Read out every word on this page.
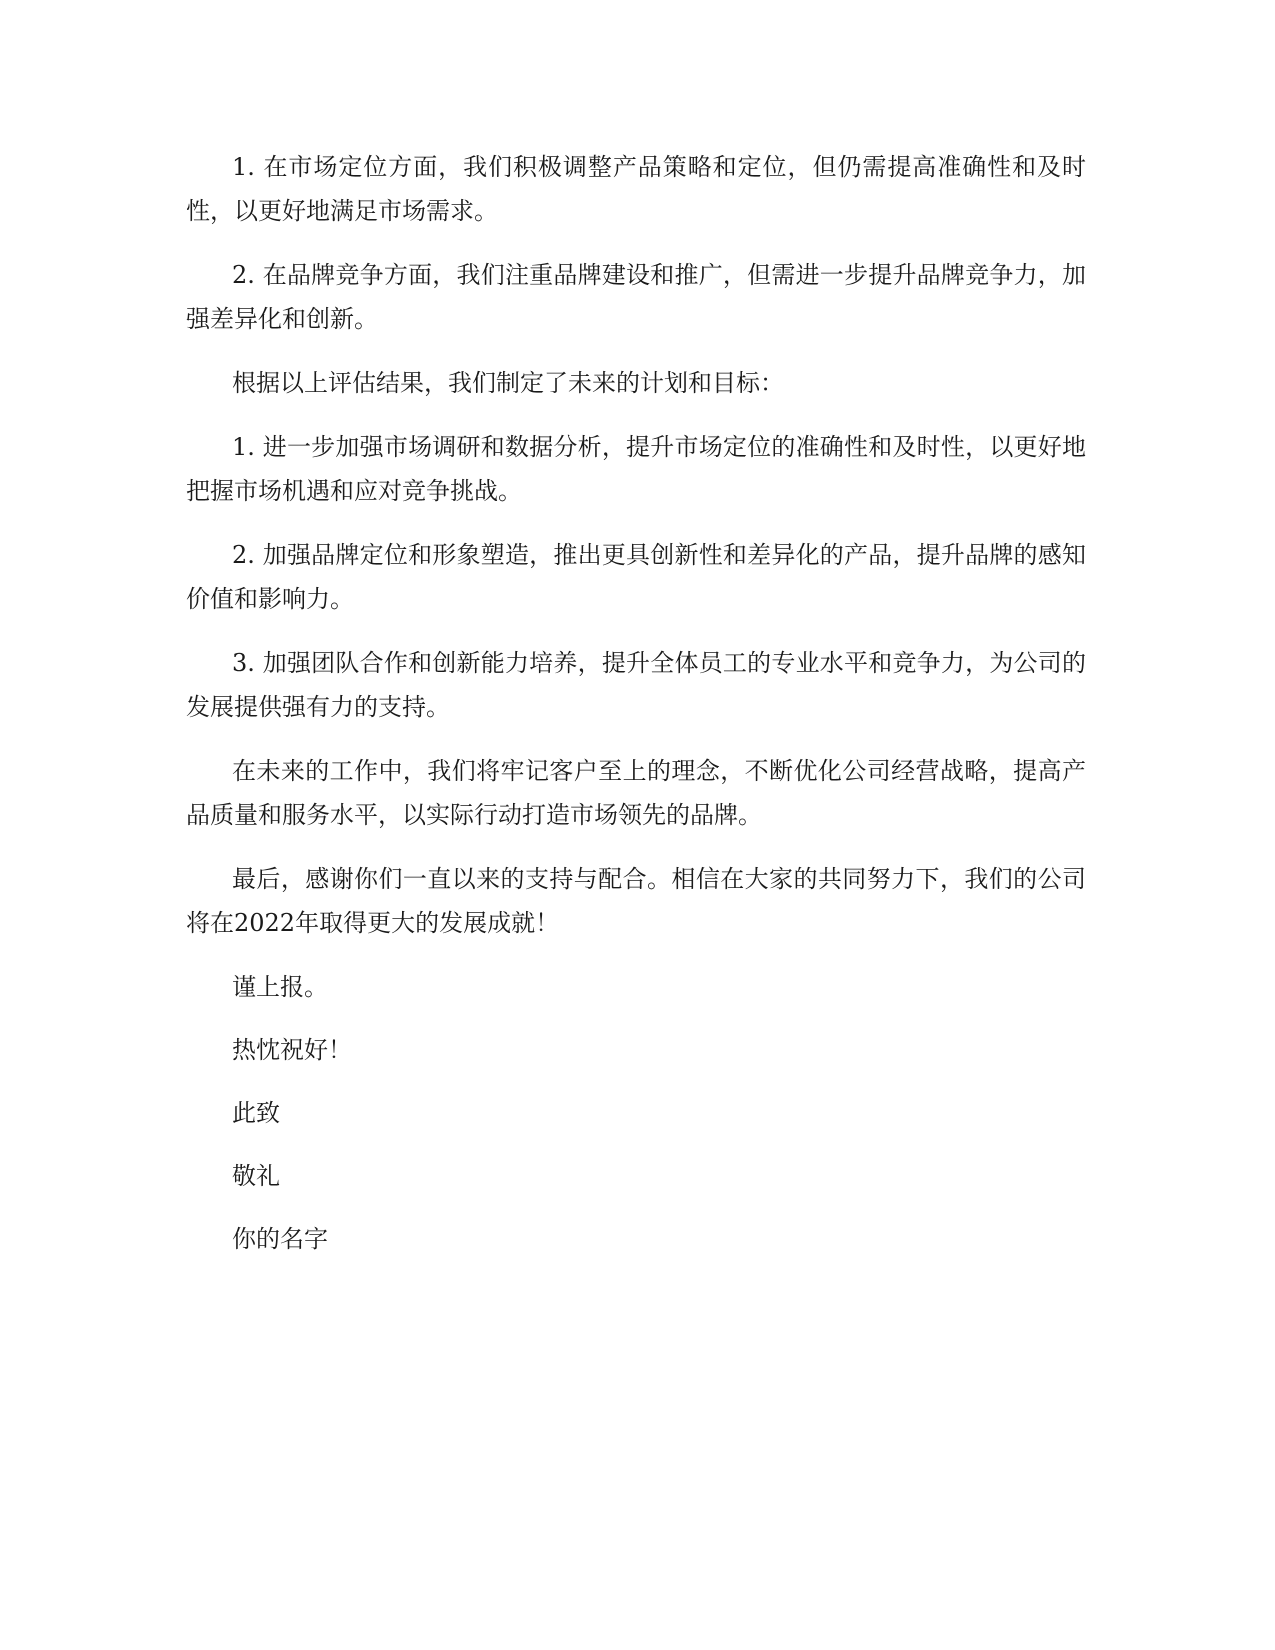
1. 在市场定位方面，我们积极调整产品策略和定位，但仍需提高准确性和及时性，以更好地满足市场需求。

2. 在品牌竞争方面，我们注重品牌建设和推广，但需进一步提升品牌竞争力，加强差异化和创新。

根据以上评估结果，我们制定了未来的计划和目标：

1. 进一步加强市场调研和数据分析，提升市场定位的准确性和及时性，以更好地把握市场机遇和应对竞争挑战。

2. 加强品牌定位和形象塑造，推出更具创新性和差异化的产品，提升品牌的感知价值和影响力。

3. 加强团队合作和创新能力培养，提升全体员工的专业水平和竞争力，为公司的发展提供强有力的支持。

在未来的工作中，我们将牢记客户至上的理念，不断优化公司经营战略，提高产品质量和服务水平，以实际行动打造市场领先的品牌。

最后，感谢你们一直以来的支持与配合。相信在大家的共同努力下，我们的公司将在2022年取得更大的发展成就！

谨上报。

热忱祝好！

此致

敬礼

你的名字
